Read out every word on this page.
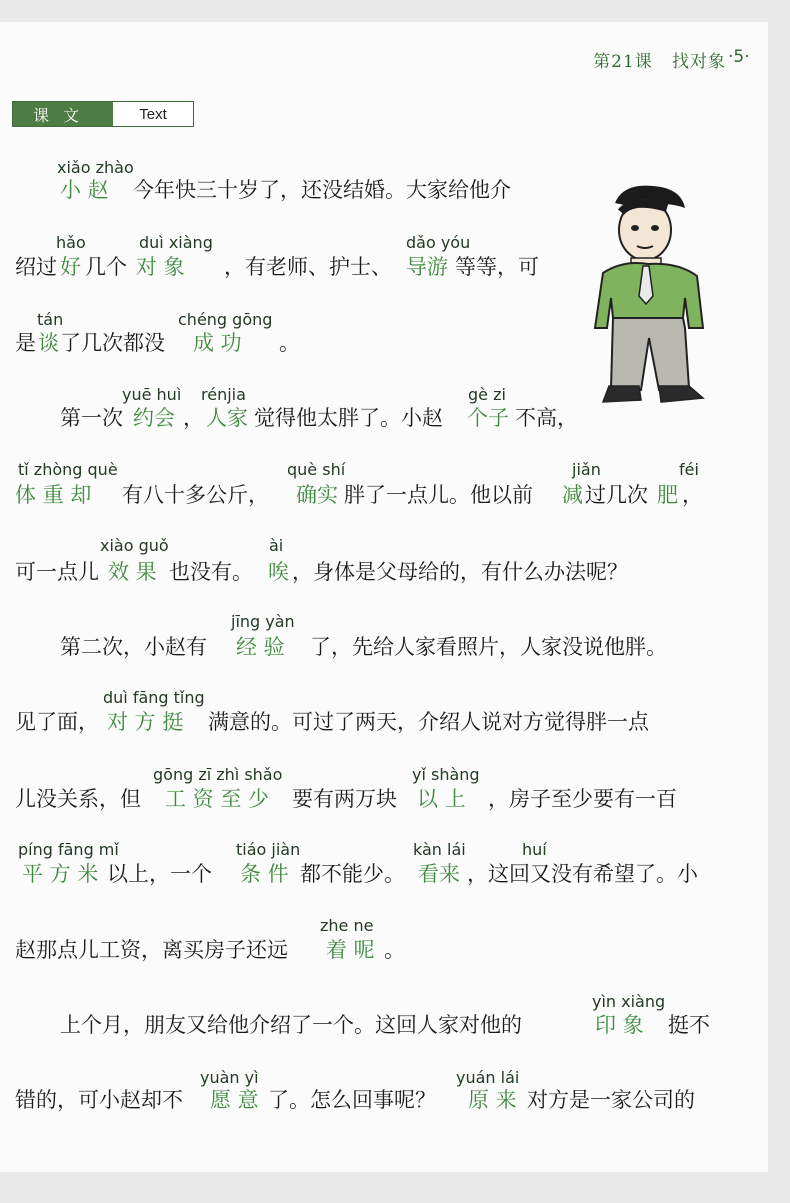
第21课 找对象 ·5·
课文	Text
xiǎo zhào
小 赵 今年快三十岁了，还没结婚。大家给他介
hǎo	duì xiàng	dǎo yóu
绍过 好 几个 对 象 ，有老师、护士、 导游 等等，可
tán	chéng gōng
是 谈 了几次都没 成 功 。
yuē huì rénjia	gè zi
第一次 约会 ， 人家 觉得他太胖了。小赵 个子 不高，
tǐ zhòng què	què shí	jiǎn	féi
体 重 却 有八十多公斤， 确实 胖了一点儿。他以前 减 过几次 肥 ，
xiào guǒ	ài
可一点儿 效 果 也没有。 唉 ，身体是父母给的，有什么办法呢？
jīng yàn
第二次，小赵有 经 验 了，先给人家看照片，人家没说他胖。
duì fāng tǐng
见了面， 对 方 挺 满意的。可过了两天，介绍人说对方觉得胖一点
gōng zī zhì shǎo	yǐ shàng
儿没关系，但 工 资 至 少 要有两万块 以 上 ，房子至少要有一百
píng fāng mǐ	tiáo jiàn	kàn lái	huí
平 方 米 以上，一个 条 件 都不能少。 看来 ，这回又没有希望了。小
zhe ne
赵那点儿工资，离买房子还远 着 呢 。
yìn xiàng
上个月，朋友又给他介绍了一个。这回人家对他的	印 象 挺不
yuàn yì	yuán lái
错的，可小赵却不 愿 意 了。怎么回事呢？ 原 来 对方是一家公司的
